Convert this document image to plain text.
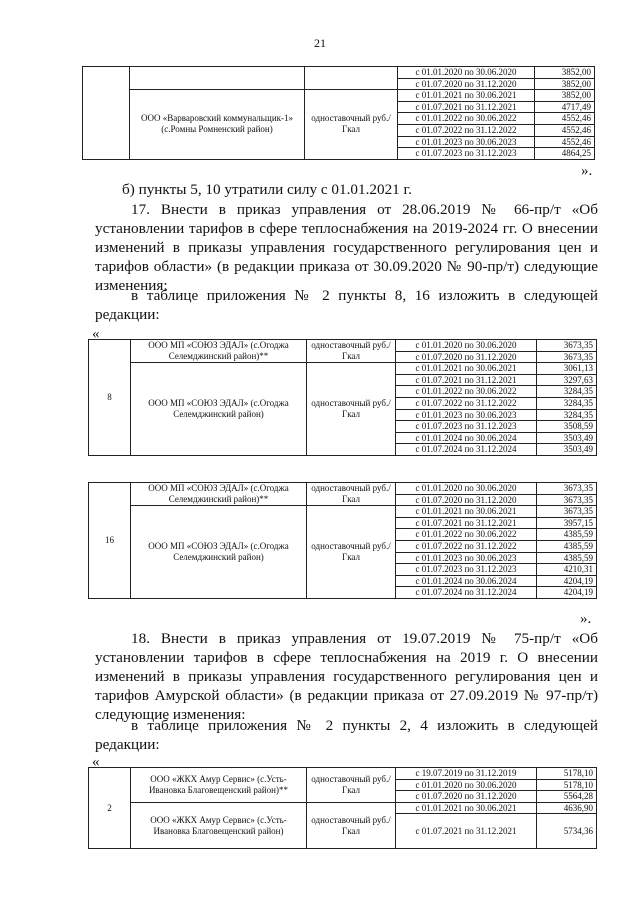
21
			с 01.01.2020 по 30.06.2020	3852,00
			с 01.07.2020 по 31.12.2020	3852,00
	ООО «Варваровский коммунальщик-1» (с.Ромны Ромненский район)	одноставочный руб./Гкал	с 01.01.2021 по 30.06.2021	3852,00
			с 01.07.2021 по 31.12.2021	4717,49
			с 01.01.2022 по 30.06.2022	4552,46
			с 01.07.2022 по 31.12.2022	4552,46
			с 01.01.2023 по 30.06.2023	4552,46
			с 01.07.2023 по 31.12.2023	4864,25
».
б) пункты 5, 10 утратили силу с 01.01.2021 г.
17. Внести в приказ управления от 28.06.2019 № 66-пр/т «Об установлении тарифов в сфере теплоснабжения на 2019-2024 гг. О внесении изменений в приказы управления государственного регулирования цен и тарифов области» (в редакции приказа от 30.09.2020 № 90-пр/т) следующие изменения:
в таблице приложения № 2 пункты 8, 16 изложить в следующей редакции:
«
8	ООО МП «СОЮЗ ЭДАЛ» (с.Огоджа Селемджинский район)**	одноставочный руб./Гкал	с 01.01.2020 по 30.06.2020	3673,35
			с 01.07.2020 по 31.12.2020	3673,35
	ООО МП «СОЮЗ ЭДАЛ» (с.Огоджа Селемджинский район)	одноставочный руб./Гкал	с 01.01.2021 по 30.06.2021	3061,13
			с 01.07.2021 по 31.12.2021	3297,63
			с 01.01.2022 по 30.06.2022	3284,35
			с 01.07.2022 по 31.12.2022	3284,35
			с 01.01.2023 по 30.06.2023	3284,35
			с 01.07.2023 по 31.12.2023	3508,59
			с 01.01.2024 по 30.06.2024	3503,49
			с 01.07.2024 по 31.12.2024	3503,49
16	ООО МП «СОЮЗ ЭДАЛ» (с.Огоджа Селемджинский район)**	одноставочный руб./Гкал	с 01.01.2020 по 30.06.2020	3673,35
			с 01.07.2020 по 31.12.2020	3673,35
	ООО МП «СОЮЗ ЭДАЛ» (с.Огоджа Селемджинский район)	одноставочный руб./Гкал	с 01.01.2021 по 30.06.2021	3673,35
			с 01.07.2021 по 31.12.2021	3957,15
			с 01.01.2022 по 30.06.2022	4385,59
			с 01.07.2022 по 31.12.2022	4385,59
			с 01.01.2023 по 30.06.2023	4385,59
			с 01.07.2023 по 31.12.2023	4210,31
			с 01.01.2024 по 30.06.2024	4204,19
			с 01.07.2024 по 31.12.2024	4204,19
».
18. Внести в приказ управления от 19.07.2019 № 75-пр/т «Об установлении тарифов в сфере теплоснабжения на 2019 г. О внесении изменений в приказы управления государственного регулирования цен и тарифов Амурской области» (в редакции приказа от 27.09.2019 № 97-пр/т) следующие изменения:
в таблице приложения № 2 пункты 2, 4 изложить в следующей редакции:
«
2	ООО «ЖКХ Амур Сервис» (с.Усть-Ивановка Благовещенский район)**	одноставочный руб./Гкал	с 19.07.2019 по 31.12.2019	5178,10
			с 01.01.2020 по 30.06.2020	5178,10
			с 01.07.2020 по 31.12.2020	5564,28
	ООО «ЖКХ Амур Сервис» (с.Усть-Ивановка Благовещенский район)	одноставочный руб./Гкал	с 01.01.2021 по 30.06.2021	4636,90
			с 01.07.2021 по 31.12.2021	5734,36
